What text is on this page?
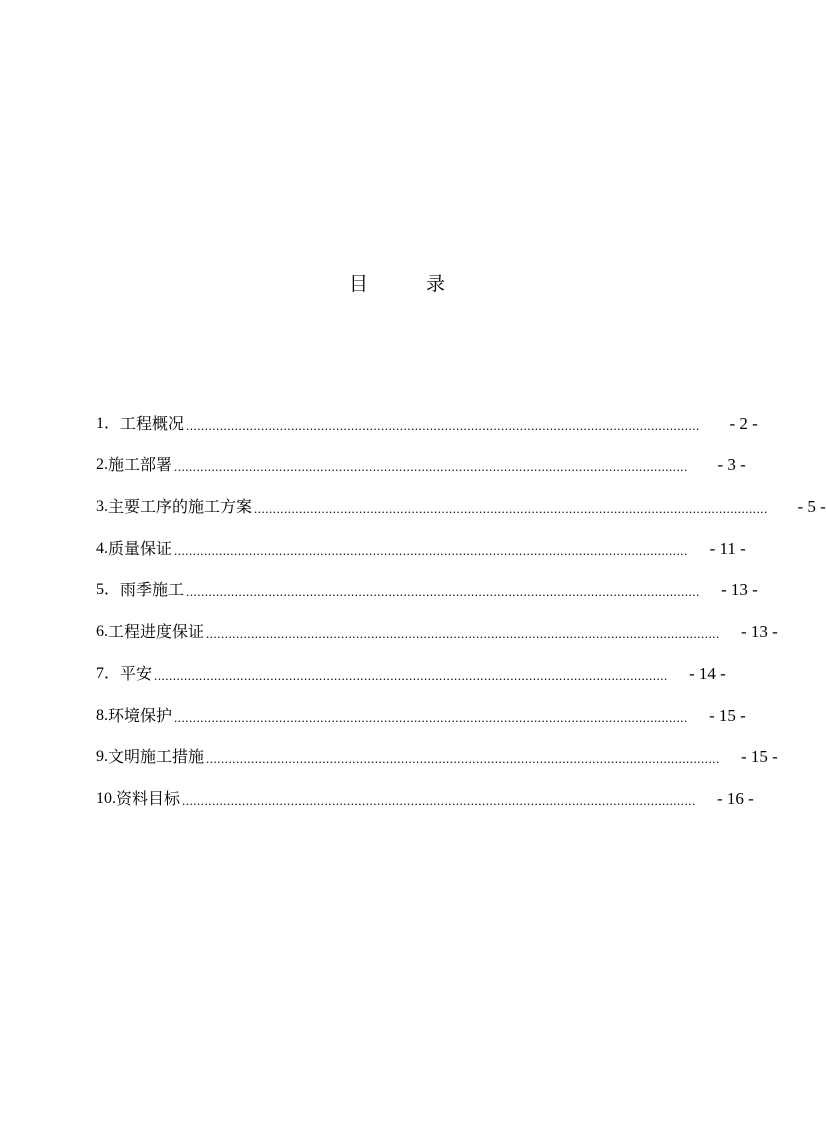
目	录
1． 工程概况 .........................................................................................................................................	- 2 -
2. 施工部署 .........................................................................................................................................	- 3 -
3. 主要工序的施工方案 .........................................................................................................................................	- 5 -
4. 质量保证 .........................................................................................................................................	- 11 -
5． 雨季施工 .........................................................................................................................................	- 13 -
6. 工程进度保证 .........................................................................................................................................	- 13 -
7． 平安 .........................................................................................................................................	- 14 -
8. 环境保护 .........................................................................................................................................	- 15 -
9. 文明施工措施 .........................................................................................................................................	- 15 -
10. 资料目标 .........................................................................................................................................	- 16 -
